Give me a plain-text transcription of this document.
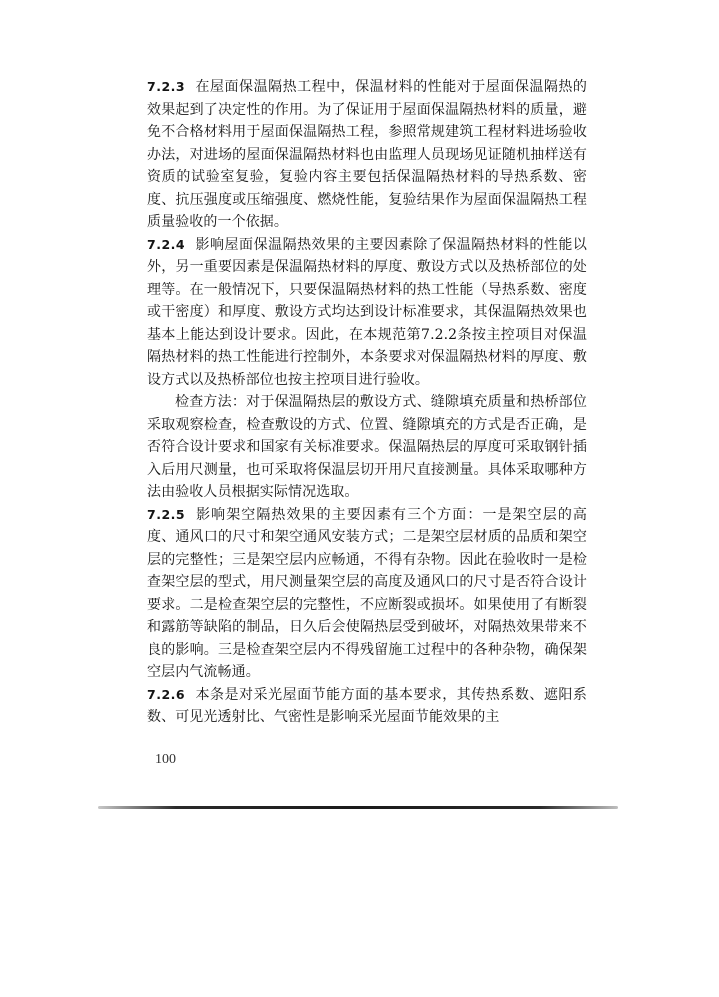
7.2.3 在屋面保温隔热工程中，保温材料的性能对于屋面保温隔热的效果起到了决定性的作用。为了保证用于屋面保温隔热材料的质量，避免不合格材料用于屋面保温隔热工程，参照常规建筑工程材料进场验收办法，对进场的屋面保温隔热材料也由监理人员现场见证随机抽样送有资质的试验室复验，复验内容主要包括保温隔热材料的导热系数、密度、抗压强度或压缩强度、燃烧性能，复验结果作为屋面保温隔热工程质量验收的一个依据。

7.2.4 影响屋面保温隔热效果的主要因素除了保温隔热材料的性能以外，另一重要因素是保温隔热材料的厚度、敷设方式以及热桥部位的处理等。在一般情况下，只要保温隔热材料的热工性能（导热系数、密度或干密度）和厚度、敷设方式均达到设计标准要求，其保温隔热效果也基本上能达到设计要求。因此，在本规范第7.2.2条按主控项目对保温隔热材料的热工性能进行控制外，本条要求对保温隔热材料的厚度、敷设方式以及热桥部位也按主控项目进行验收。

检查方法：对于保温隔热层的敷设方式、缝隙填充质量和热桥部位采取观察检查，检查敷设的方式、位置、缝隙填充的方式是否正确，是否符合设计要求和国家有关标准要求。保温隔热层的厚度可采取钢针插入后用尺测量，也可采取将保温层切开用尺直接测量。具体采取哪种方法由验收人员根据实际情况选取。

7.2.5 影响架空隔热效果的主要因素有三个方面：一是架空层的高度、通风口的尺寸和架空通风安装方式；二是架空层材质的品质和架空层的完整性；三是架空层内应畅通，不得有杂物。因此在验收时一是检查架空层的型式，用尺测量架空层的高度及通风口的尺寸是否符合设计要求。二是检查架空层的完整性，不应断裂或损坏。如果使用了有断裂和露筋等缺陷的制品，日久后会使隔热层受到破坏，对隔热效果带来不良的影响。三是检查架空层内不得残留施工过程中的各种杂物，确保架空层内气流畅通。

7.2.6 本条是对采光屋面节能方面的基本要求，其传热系数、遮阳系数、可见光透射比、气密性是影响采光屋面节能效果的主

100
